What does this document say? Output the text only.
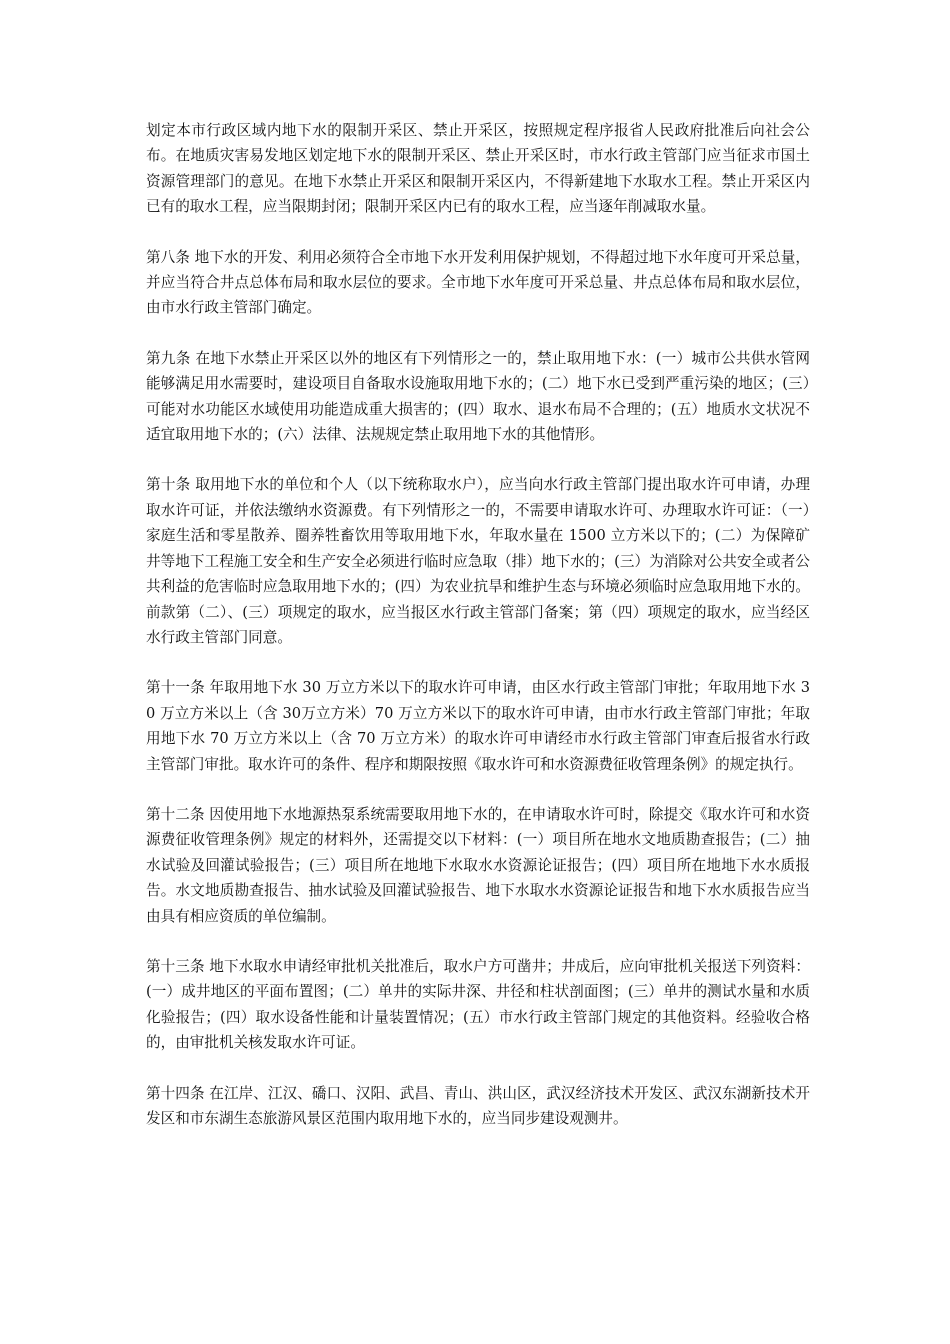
划定本市行政区域内地下水的限制开采区、禁止开采区，按照规定程序报省人民政府批准后向社会公布。在地质灾害易发地区划定地下水的限制开采区、禁止开采区时，市水行政主管部门应当征求市国土资源管理部门的意见。在地下水禁止开采区和限制开采区内，不得新建地下水取水工程。禁止开采区内已有的取水工程，应当限期封闭；限制开采区内已有的取水工程，应当逐年削减取水量。

第八条 地下水的开发、利用必须符合全市地下水开发利用保护规划，不得超过地下水年度可开采总量，并应当符合井点总体布局和取水层位的要求。全市地下水年度可开采总量、井点总体布局和取水层位，由市水行政主管部门确定。

第九条 在地下水禁止开采区以外的地区有下列情形之一的，禁止取用地下水：(一）城市公共供水管网能够满足用水需要时，建设项目自备取水设施取用地下水的；(二）地下水已受到严重污染的地区；(三）可能对水功能区水域使用功能造成重大损害的；(四）取水、退水布局不合理的；(五）地质水文状况不适宜取用地下水的；(六）法律、法规规定禁止取用地下水的其他情形。

第十条 取用地下水的单位和个人（以下统称取水户），应当向水行政主管部门提出取水许可申请，办理取水许可证，并依法缴纳水资源费。有下列情形之一的，不需要申请取水许可、办理取水许可证：（一）家庭生活和零星散养、圈养牲畜饮用等取用地下水，年取水量在 1500 立方米以下的；(二）为保障矿井等地下工程施工安全和生产安全必须进行临时应急取（排）地下水的；(三）为消除对公共安全或者公共利益的危害临时应急取用地下水的；(四）为农业抗旱和维护生态与环境必须临时应急取用地下水的。前款第（二）、(三）项规定的取水，应当报区水行政主管部门备案；第（四）项规定的取水，应当经区水行政主管部门同意。

第十一条 年取用地下水 30 万立方米以下的取水许可申请，由区水行政主管部门审批；年取用地下水 30 万立方米以上（含 30万立方米）70 万立方米以下的取水许可申请，由市水行政主管部门审批；年取用地下水 70 万立方米以上（含 70 万立方米）的取水许可申请经市水行政主管部门审查后报省水行政主管部门审批。取水许可的条件、程序和期限按照《取水许可和水资源费征收管理条例》的规定执行。

第十二条 因使用地下水地源热泵系统需要取用地下水的，在申请取水许可时，除提交《取水许可和水资源费征收管理条例》规定的材料外，还需提交以下材料：(一）项目所在地水文地质勘查报告；(二）抽水试验及回灌试验报告；(三）项目所在地地下水取水水资源论证报告；(四）项目所在地地下水水质报告。水文地质勘查报告、抽水试验及回灌试验报告、地下水取水水资源论证报告和地下水水质报告应当由具有相应资质的单位编制。

第十三条 地下水取水申请经审批机关批准后，取水户方可凿井；井成后，应向审批机关报送下列资料：(一）成井地区的平面布置图；(二）单井的实际井深、井径和柱状剖面图；(三）单井的测试水量和水质化验报告；(四）取水设备性能和计量装置情况；(五）市水行政主管部门规定的其他资料。经验收合格的，由审批机关核发取水许可证。

第十四条 在江岸、江汉、礄口、汉阳、武昌、青山、洪山区，武汉经济技术开发区、武汉东湖新技术开发区和市东湖生态旅游风景区范围内取用地下水的，应当同步建设观测井。
